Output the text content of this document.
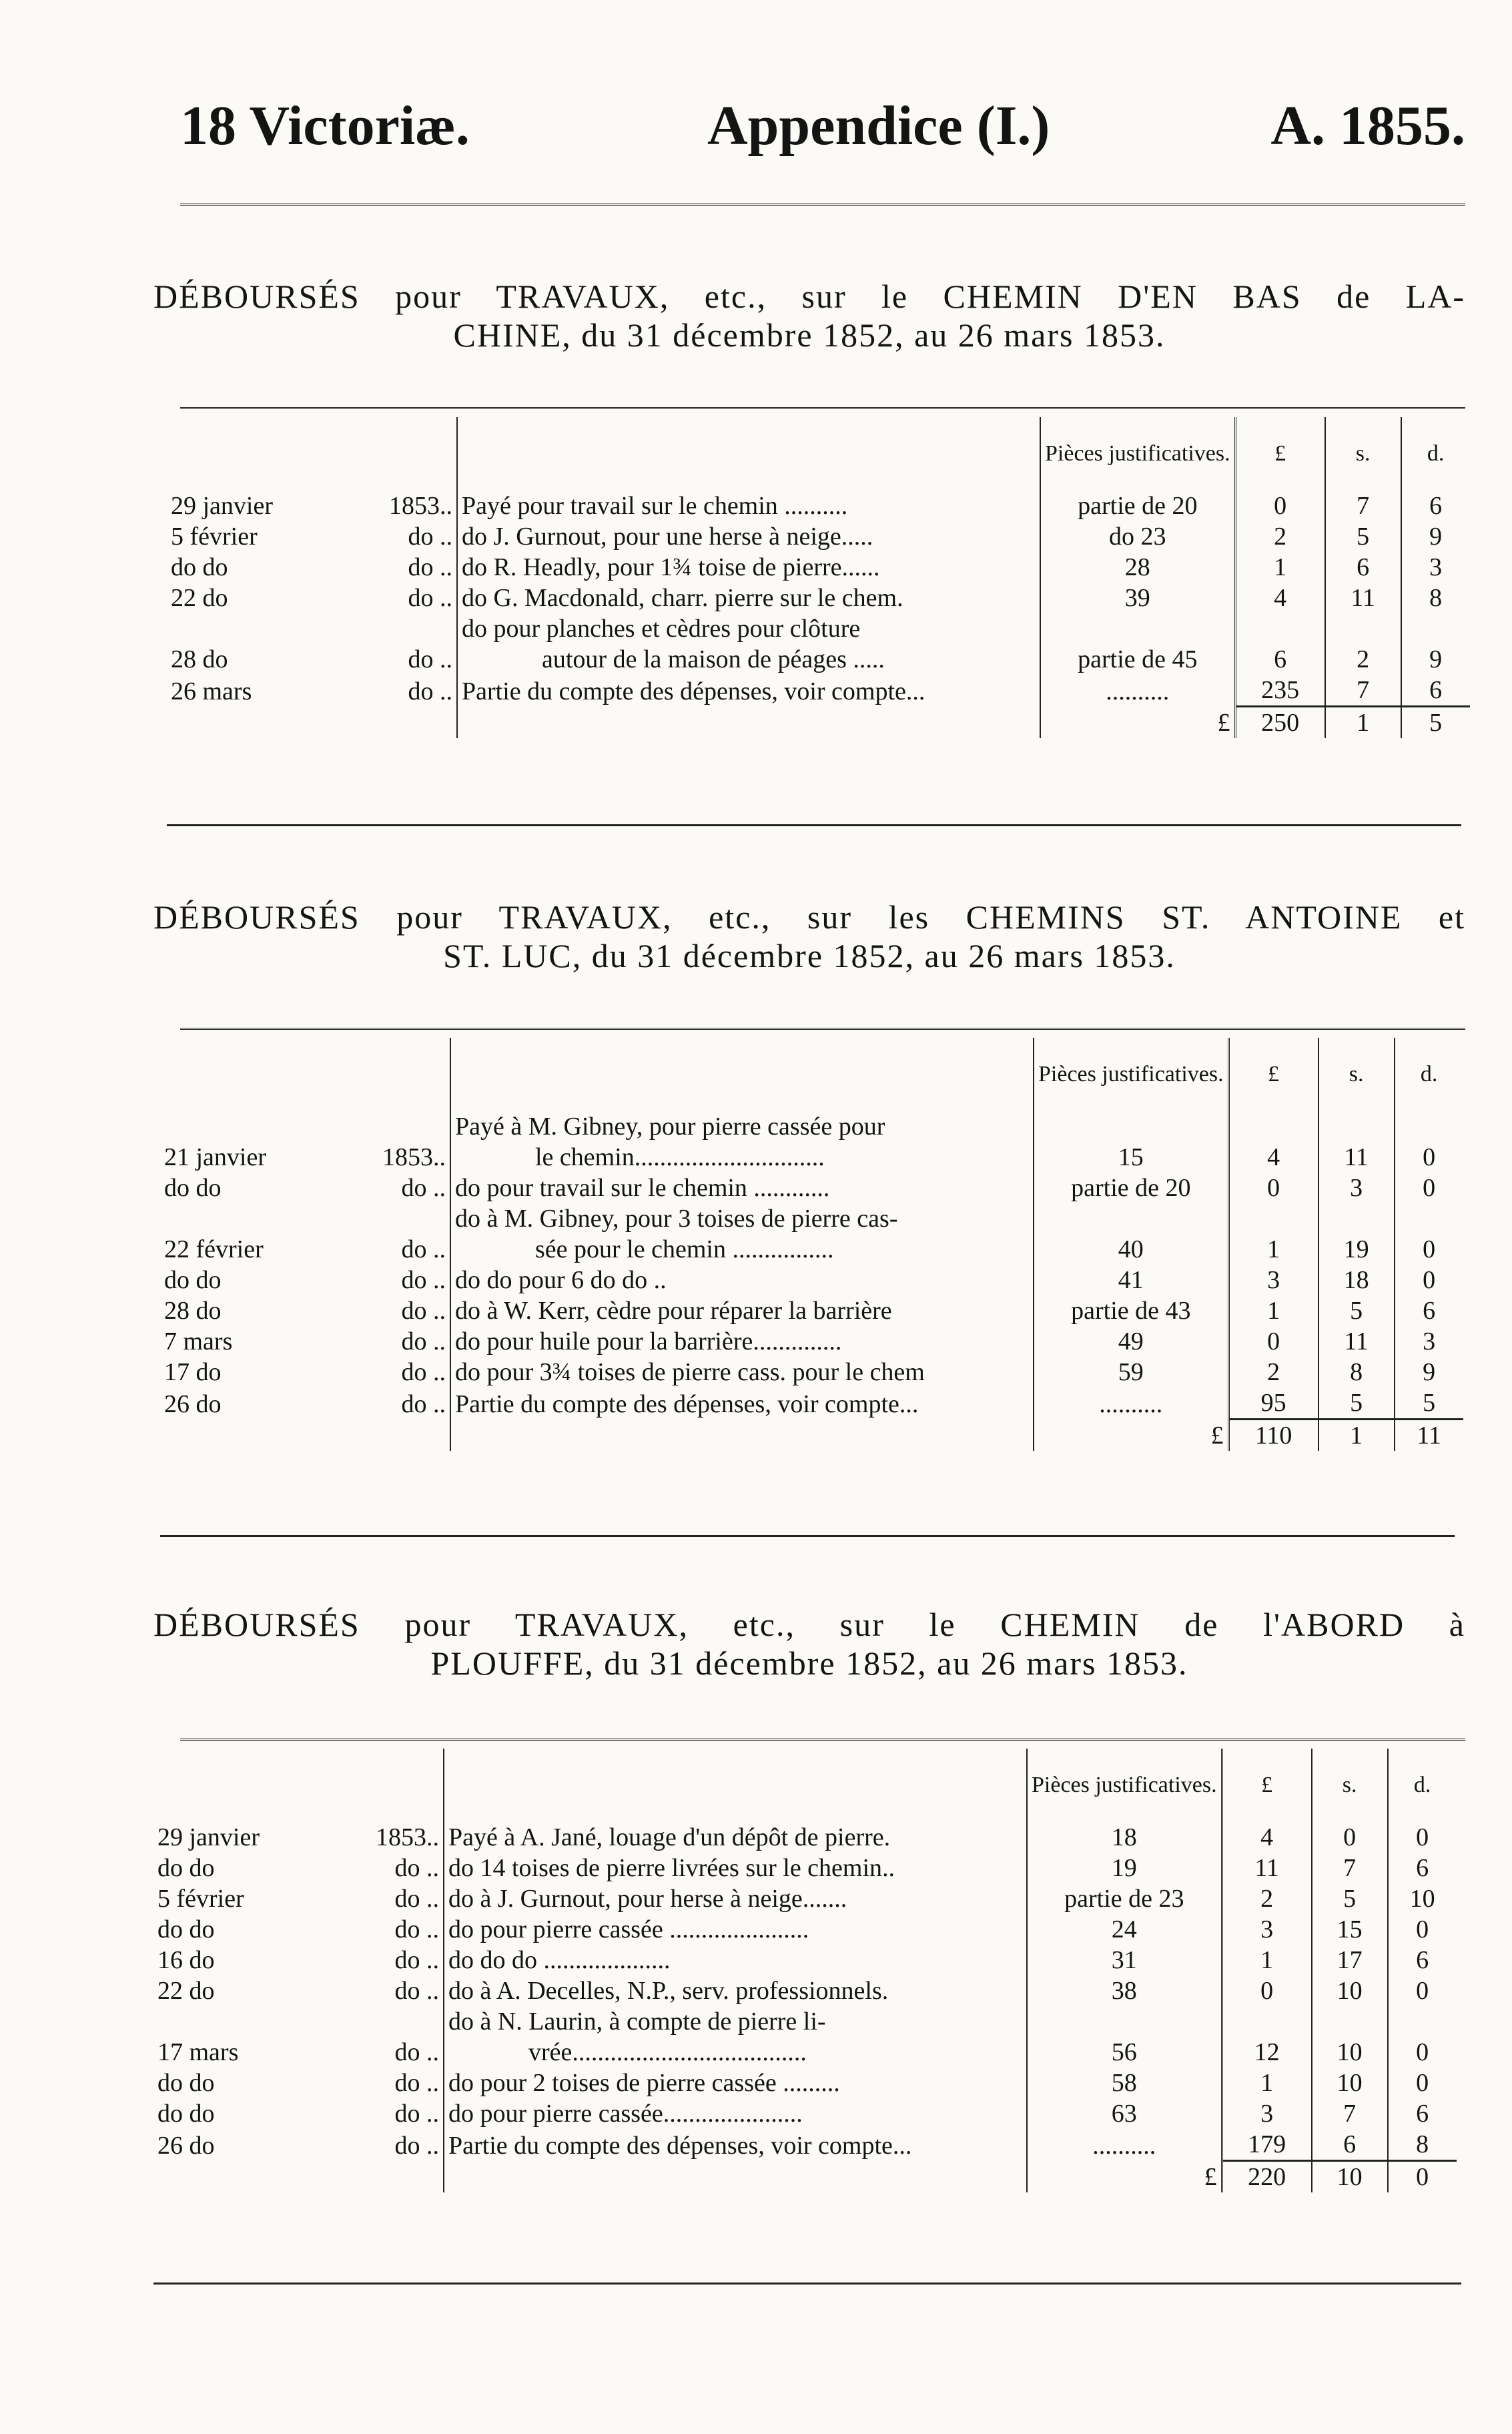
18 Victoriæ.	Appendice (I.)	A. 1855.
DÉBOURSÉS pour TRAVAUX, etc., sur le CHEMIN D'EN BAS de LA-
CHINE, du 31 décembre 1852, au 26 mars 1853.
			Pièces justificatives.	£	s.	d.
29 janvier	1853..	Payé pour travail sur le chemin ..........	partie de 20	0	7	6
5 février	do ..	do J. Gurnout, pour une herse à neige.....	do 23	2	5	9
do do	do ..	do R. Headly, pour 1¾ toise de pierre......	28	1	6	3
22 do	do ..	do G. Macdonald, charr. pierre sur le chem.	39	4	11	8
28 do	do ..	do pour planches et cèdres pour clôture
autour de la maison de péages .....	partie de 45	6	2	9
26 mars	do ..	Partie du compte des dépenses, voir compte...	..........	235	7	6
			£	250	1	5
DÉBOURSÉS pour TRAVAUX, etc., sur les CHEMINS ST. ANTOINE et
ST. LUC, du 31 décembre 1852, au 26 mars 1853.
			Pièces justificatives.	£	s.	d.
21 janvier	1853..	Payé à M. Gibney, pour pierre cassée pour
le chemin..............................	15	4	11	0
do do	do ..	do pour travail sur le chemin ............	partie de 20	0	3	0
22 février	do ..	do à M. Gibney, pour 3 toises de pierre cas-
sée pour le chemin ................	40	1	19	0
do do	do ..	do do pour 6 do do ..	41	3	18	0
28 do	do ..	do à W. Kerr, cèdre pour réparer la barrière	partie de 43	1	5	6
7 mars	do ..	do pour huile pour la barrière..............	49	0	11	3
17 do	do ..	do pour 3¾ toises de pierre cass. pour le chem	59	2	8	9
26 do	do ..	Partie du compte des dépenses, voir compte...	..........	95	5	5
			£	110	1	11
DÉBOURSÉS pour TRAVAUX, etc., sur le CHEMIN de l'ABORD à
PLOUFFE, du 31 décembre 1852, au 26 mars 1853.
			Pièces justificatives.	£	s.	d.
29 janvier	1853..	Payé à A. Jané, louage d'un dépôt de pierre.	18	4	0	0
do do	do ..	do 14 toises de pierre livrées sur le chemin..	19	11	7	6
5 février	do ..	do à J. Gurnout, pour herse à neige.......	partie de 23	2	5	10
do do	do ..	do pour pierre cassée ......................	24	3	15	0
16 do	do ..	do do do ....................	31	1	17	6
22 do	do ..	do à A. Decelles, N.P., serv. professionnels.	38	0	10	0
17 mars	do ..	do à N. Laurin, à compte de pierre li-
vrée.....................................	56	12	10	0
do do	do ..	do pour 2 toises de pierre cassée .........	58	1	10	0
do do	do ..	do pour pierre cassée......................	63	3	7	6
26 do	do ..	Partie du compte des dépenses, voir compte...	..........	179	6	8
			£	220	10	0
